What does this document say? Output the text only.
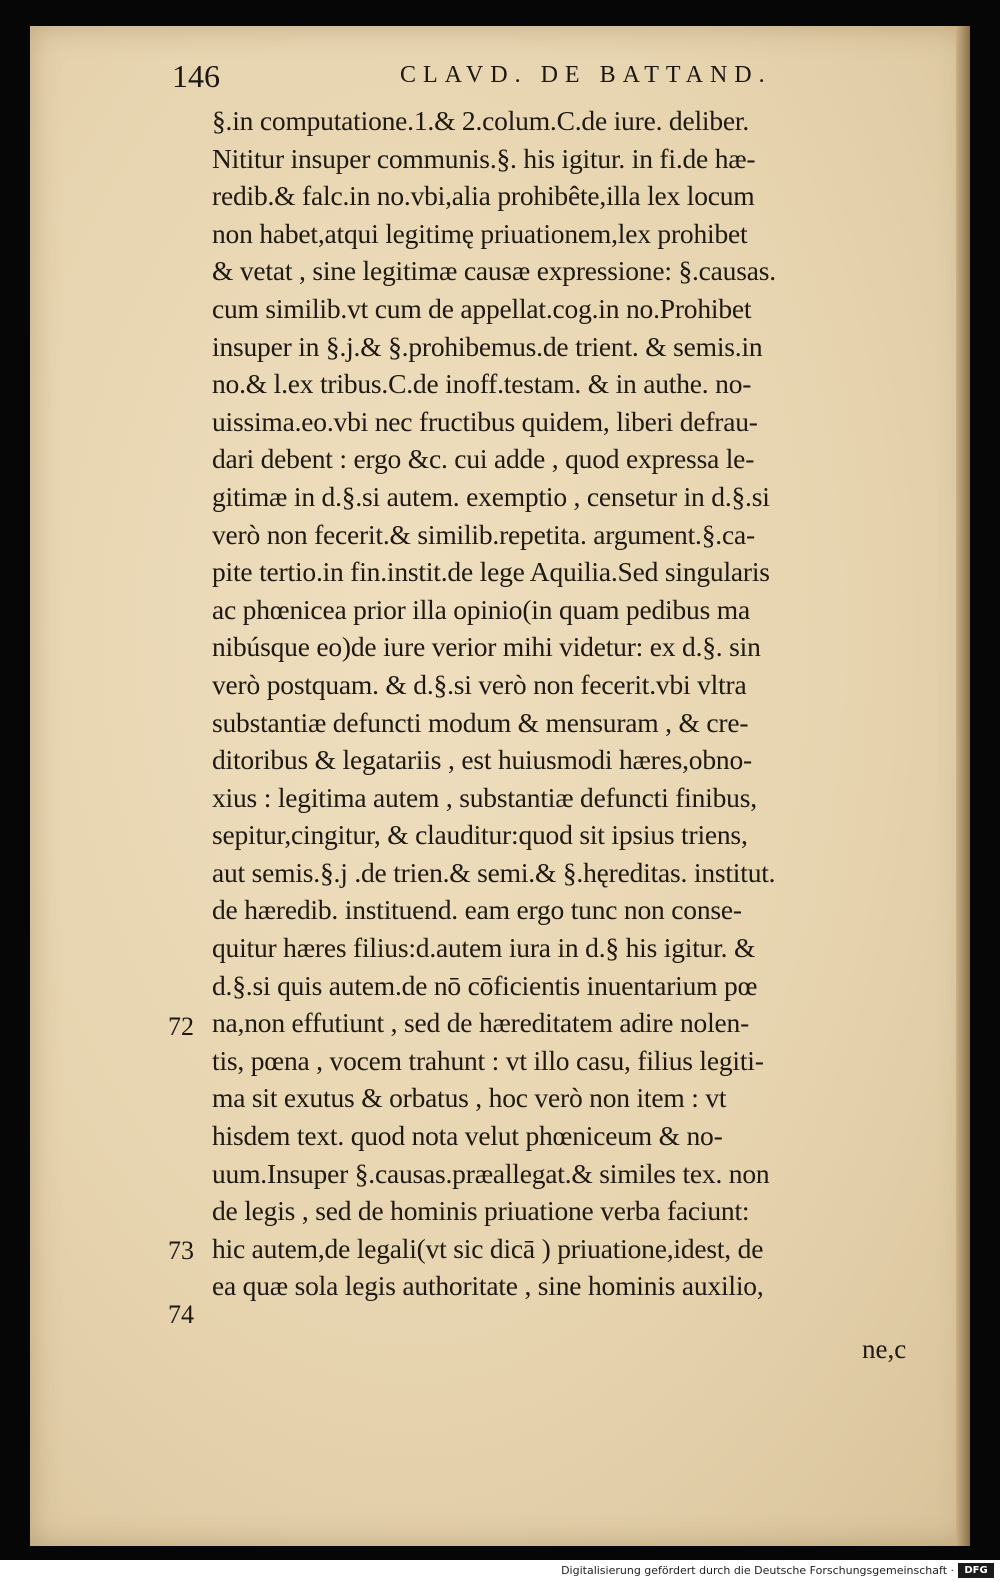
146	CLAVD. DE BATTAND.
§.in computatione.1.& 2.colum.C.de iure. deliber.
Nititur insuper communis.§. his igitur. in fi.de hæ-
redib.& falc.in no.vbi,alia prohibête,illa lex locum
non habet,atqui legitimę priuationem,lex prohibet
& vetat , sine legitimæ causæ expressione: §.causas.
cum similib.vt cum de appellat.cog.in no.Prohibet
insuper in §.j.& §.prohibemus.de trient. & semis.in
no.& l.ex tribus.C.de inoff.testam. & in authe. no-
uissima.eo.vbi nec fructibus quidem, liberi defrau-
dari debent : ergo &c. cui adde , quod expressa le-
gitimæ in d.§.si autem. exemptio , censetur in d.§.si
verò non fecerit.& similib.repetita. argument.§.ca-
pite tertio.in fin.instit.de lege Aquilia.Sed singularis
ac phœnicea prior illa opinio(in quam pedibus ma
nibúsque eo)de iure verior mihi videtur: ex d.§. sin
verò postquam. & d.§.si verò non fecerit.vbi vltra
substantiæ defuncti modum & mensuram , & cre-
ditoribus & legatariis , est huiusmodi hæres,obno-
xius : legitima autem , substantiæ defuncti finibus,
sepitur,cingitur, & clauditur:quod sit ipsius triens,
aut semis.§.j .de trien.& semi.& §.hęreditas. institut.
de hæredib. instituend. eam ergo tunc non conse-
quitur hæres filius:d.autem iura in d.§ his igitur. &
d.§.si quis autem.de nō cōficientis inuentarium pœ
na,non effutiunt , sed de hæreditatem adire nolen-
tis, pœna , vocem trahunt : vt illo casu, filius legiti-
ma sit exutus & orbatus , hoc verò non item : vt
hisdem text. quod nota velut phœniceum & no-
uum.Insuper §.causas.præallegat.& similes tex. non
de legis , sed de hominis priuatione verba faciunt:
hic autem,de legali(vt sic dicā ) priuatione,idest, de
ea quæ sola legis authoritate , sine hominis auxilio,
72
73
74
ne,c
Digitalisierung gefördert durch die Deutsche Forschungsgemeinschaft ·	DFG
